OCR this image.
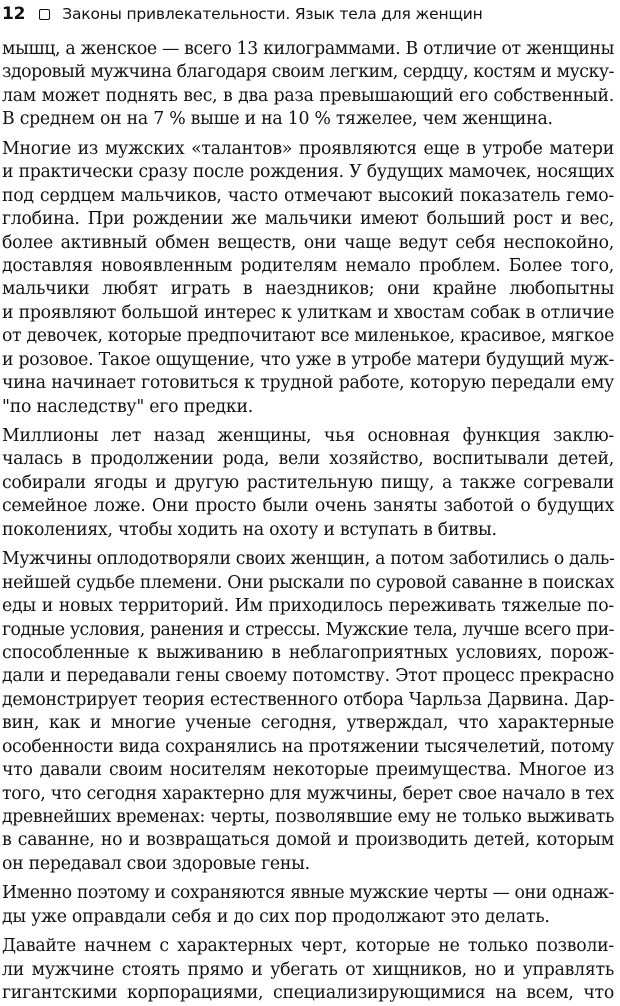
12 Законы привлекательности. Язык тела для женщин
мышц, а женское — всего 13 килограммами. В отличие от женщины
здоровый мужчина благодаря своим легким, сердцу, костям и муску-
лам может поднять вес, в два раза превышающий его собственный.
В среднем он на 7 % выше и на 10 % тяжелее, чем женщина.
Многие из мужских «талантов» проявляются еще в утробе матери
и практически сразу после рождения. У будущих мамочек, носящих
под сердцем мальчиков, часто отмечают высокий показатель гемо-
глобина. При рождении же мальчики имеют больший рост и вес,
более активный обмен веществ, они чаще ведут себя неспокойно,
доставляя новоявленным родителям немало проблем. Более того,
мальчики любят играть в наездников; они крайне любопытны
и проявляют большой интерес к улиткам и хвостам собак в отличие
от девочек, которые предпочитают все миленькое, красивое, мягкое
и розовое. Такое ощущение, что уже в утробе матери будущий муж-
чина начинает готовиться к трудной работе, которую передали ему
"по наследству" его предки.
Миллионы лет назад женщины, чья основная функция заклю-
чалась в продолжении рода, вели хозяйство, воспитывали детей,
собирали ягоды и другую растительную пищу, а также согревали
семейное ложе. Они просто были очень заняты заботой о будущих
поколениях, чтобы ходить на охоту и вступать в битвы.
Мужчины оплодотворяли своих женщин, а потом заботились о даль-
нейшей судьбе племени. Они рыскали по суровой саванне в поисках
еды и новых территорий. Им приходилось переживать тяжелые по-
годные условия, ранения и стрессы. Мужские тела, лучше всего при-
способленные к выживанию в неблагоприятных условиях, порож-
дали и передавали гены своему потомству. Этот процесс прекрасно
демонстрирует теория естественного отбора Чарльза Дарвина. Дар-
вин, как и многие ученые сегодня, утверждал, что характерные
особенности вида сохранялись на протяжении тысячелетий, потому
что давали своим носителям некоторые преимущества. Многое из
того, что сегодня характерно для мужчины, берет свое начало в тех
древнейших временах: черты, позволявшие ему не только выживать
в саванне, но и возвращаться домой и производить детей, которым
он передавал свои здоровые гены.
Именно поэтому и сохраняются явные мужские черты — они однаж-
ды уже оправдали себя и до сих пор продолжают это делать.
Давайте начнем с характерных черт, которые не только позволи-
ли мужчине стоять прямо и убегать от хищников, но и управлять
гигантскими корпорациями, специализирующимися на всем, что
